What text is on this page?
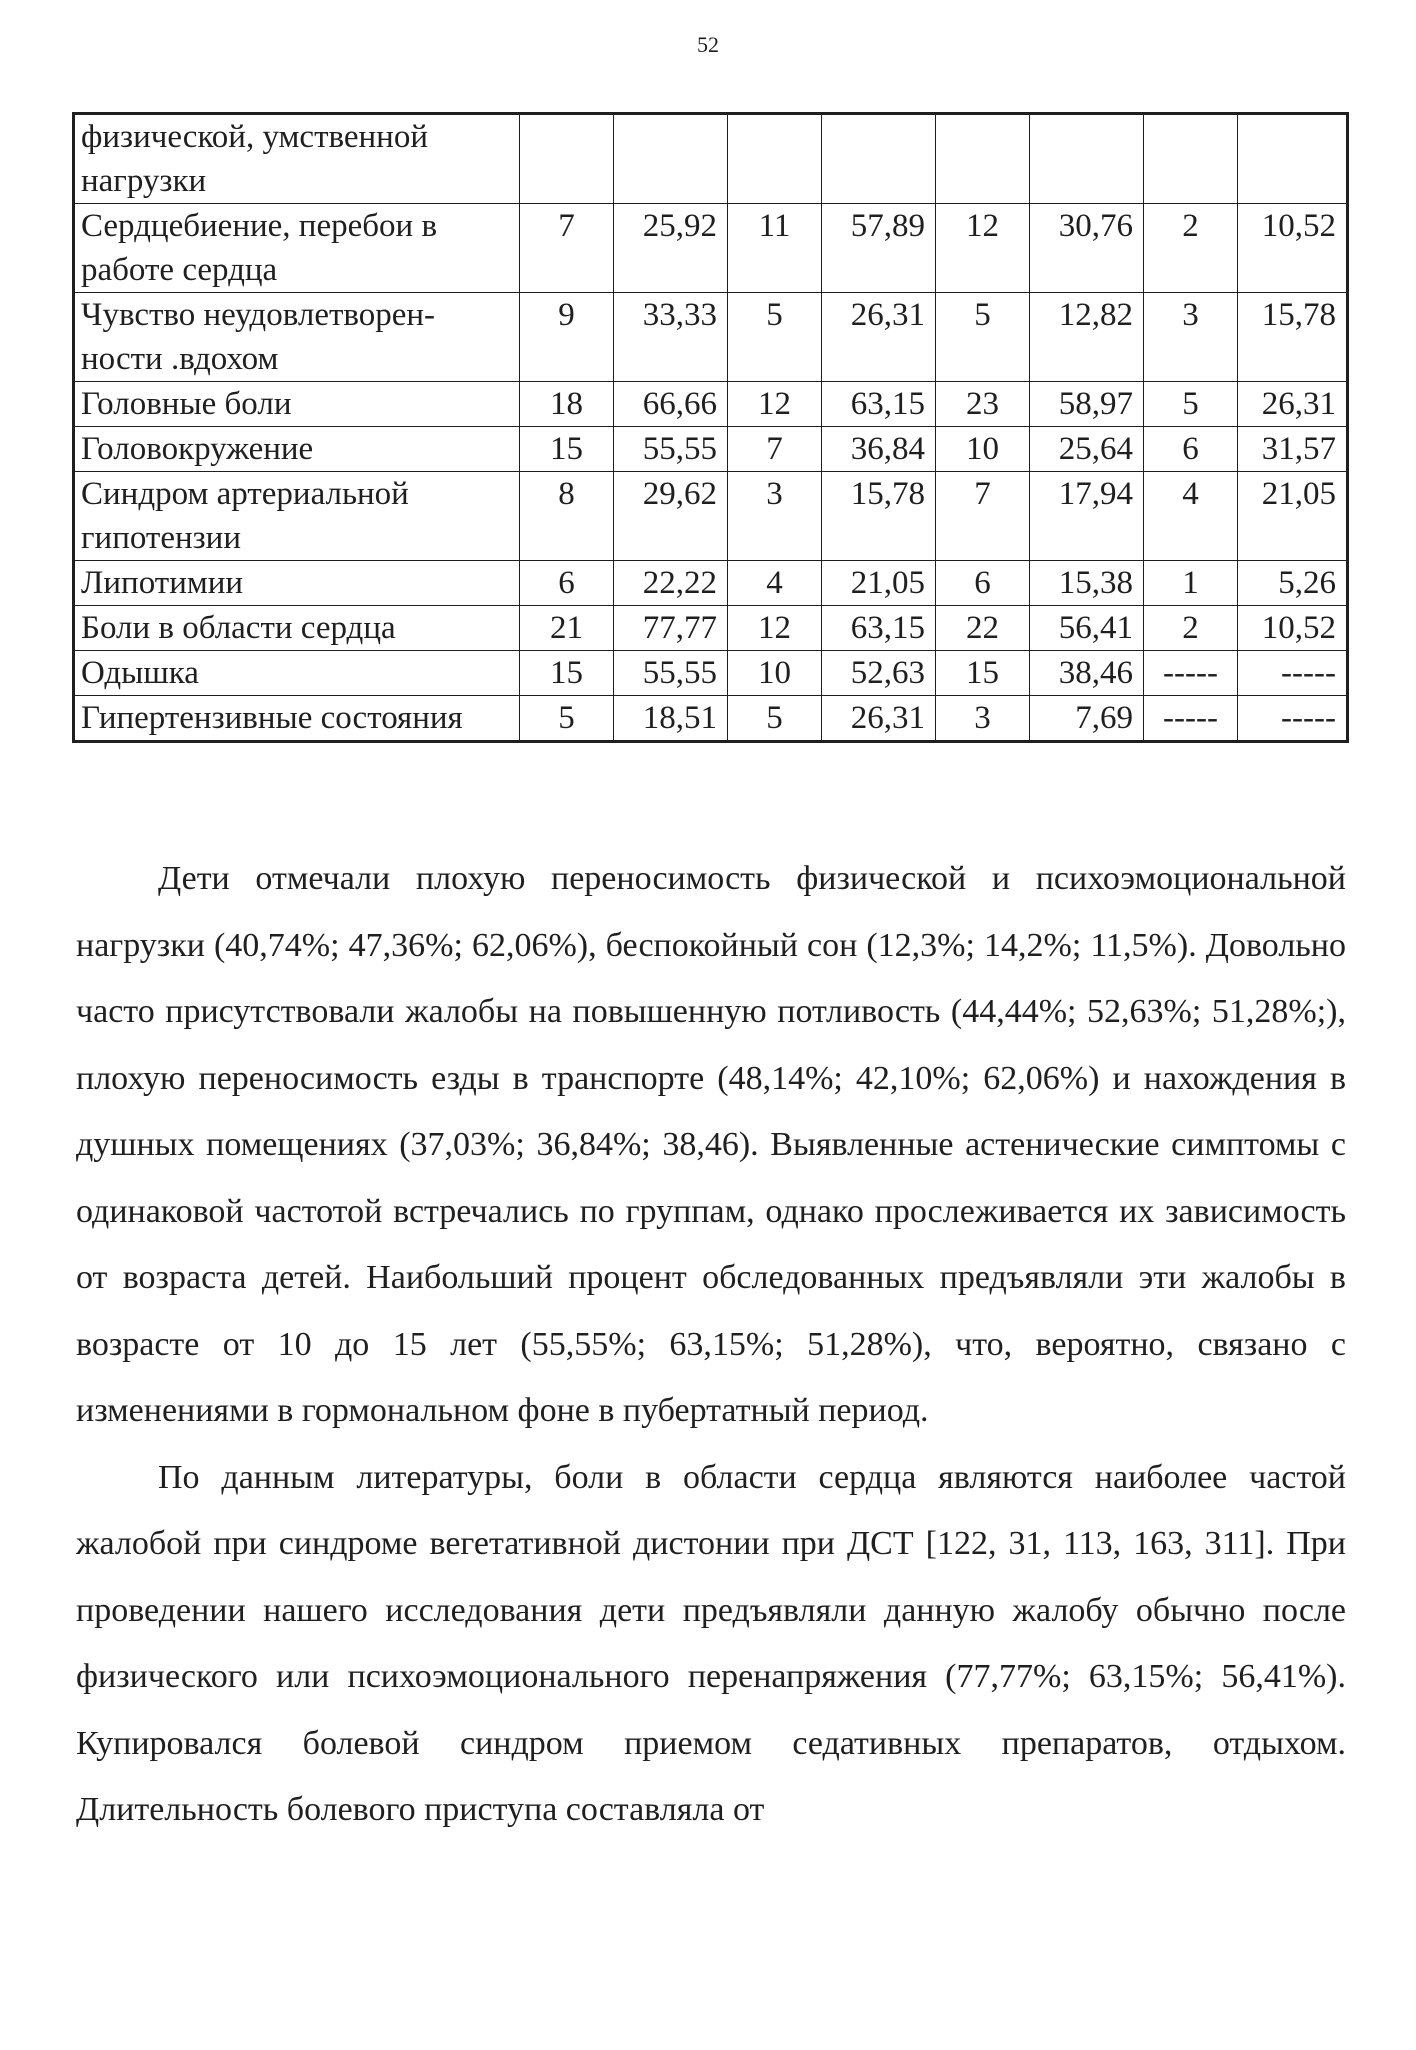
52
физической, умственной нагрузки								
Сердцебиение, перебои в работе сердца	7	25,92	11	57,89	12	30,76	2	10,52
Чувство неудовлетворен-ности .вдохом	9	33,33	5	26,31	5	12,82	3	15,78
Головные боли	18	66,66	12	63,15	23	58,97	5	26,31
Головокружение	15	55,55	7	36,84	10	25,64	6	31,57
Синдром артериальной гипотензии	8	29,62	3	15,78	7	17,94	4	21,05
Липотимии	6	22,22	4	21,05	6	15,38	1	5,26
Боли в области сердца	21	77,77	12	63,15	22	56,41	2	10,52
Одышка	15	55,55	10	52,63	15	38,46	-----	-----
Гипертензивные состояния	5	18,51	5	26,31	3	7,69	-----	-----

Дети отмечали плохую переносимость физической и психоэмоциональной нагрузки (40,74%; 47,36%; 62,06%), беспокойный сон (12,3%; 14,2%; 11,5%). Довольно часто присутствовали жалобы на повышенную потливость (44,44%; 52,63%; 51,28%;), плохую переносимость езды в транспорте (48,14%; 42,10%; 62,06%) и нахождения в душных помещениях (37,03%; 36,84%; 38,46). Выявленные астенические симптомы с одинаковой частотой встречались по группам, однако прослеживается их зависимость от возраста детей. Наибольший процент обследованных предъявляли эти жалобы в возрасте от 10 до 15 лет (55,55%; 63,15%; 51,28%), что, вероятно, связано с изменениями в гормональном фоне в пубертатный период.

По данным литературы, боли в области сердца являются наиболее частой жалобой при синдроме вегетативной дистонии при ДСТ [122, 31, 113, 163, 311]. При проведении нашего исследования дети предъявляли данную жалобу обычно после физического или психоэмоционального перенапряжения (77,77%; 63,15%; 56,41%). Купировался болевой синдром приемом седативных препаратов, отдыхом. Длительность болевого приступа составляла от
